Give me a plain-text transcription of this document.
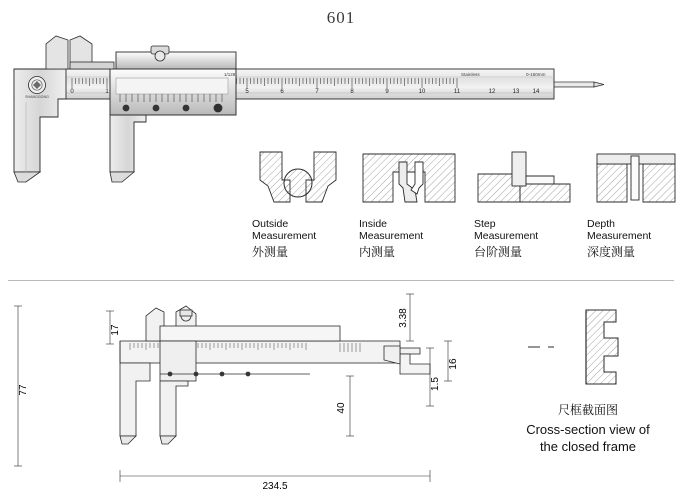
601
SHANGGONG
0	1	5	6	7	8	9	10	11	12	13 14
Stainless	0-150mm
1/128
Outside
Measurement
外测量
Inside
Measurement
内测量
Step
Measurement
台阶测量
Depth
Measurement
深度测量
17
77
40
3.38
16
1.5
234.5
尺框截面图
Cross-section view of
the closed frame
